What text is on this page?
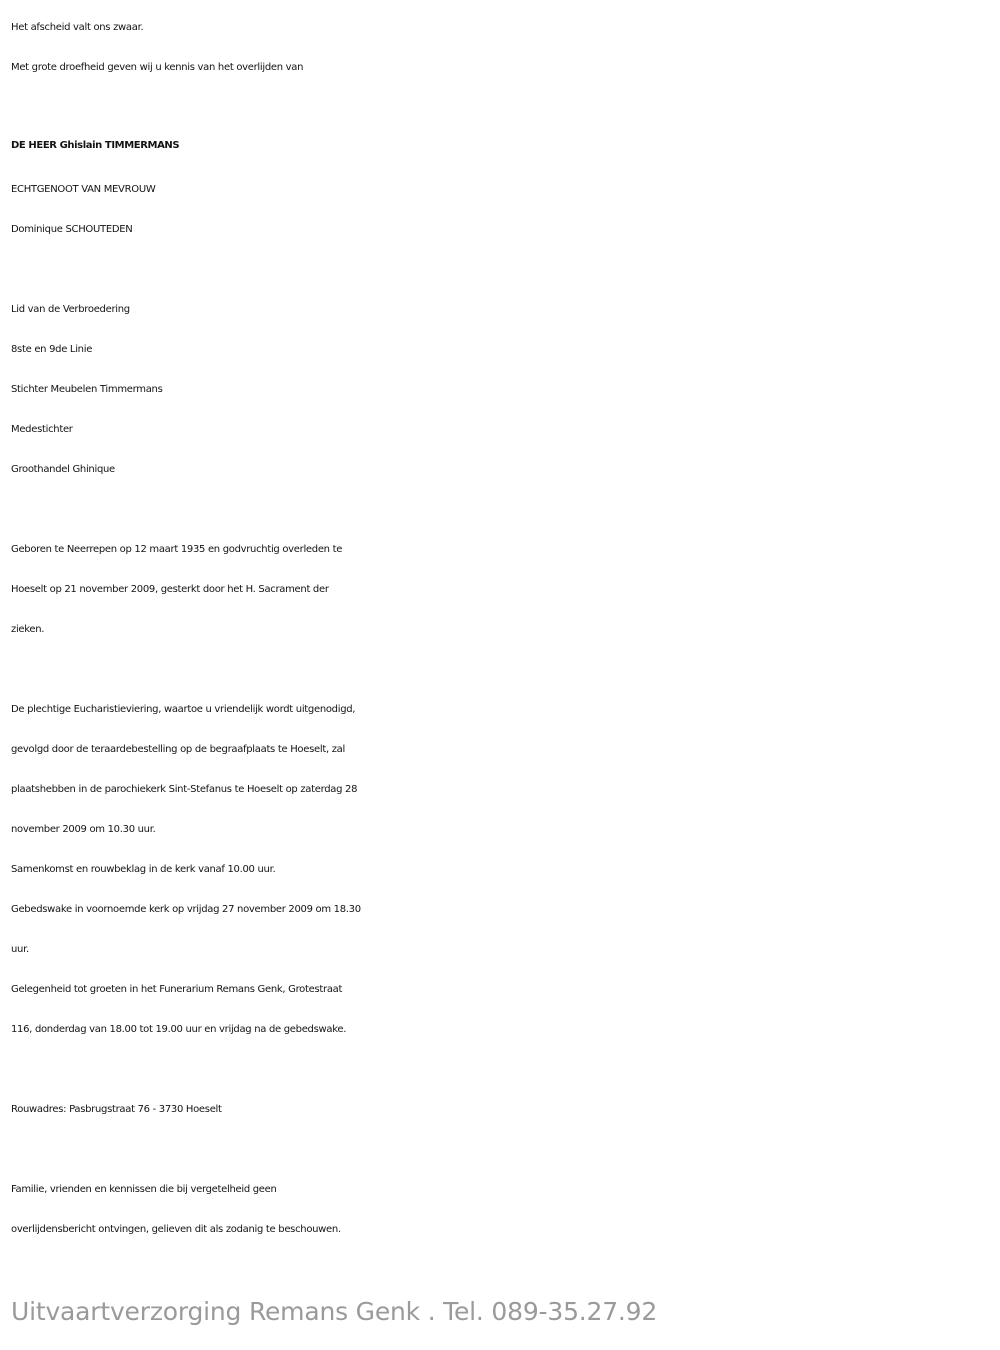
Het afscheid valt ons zwaar.
Met grote droefheid geven wij u kennis van het overlijden van
DE HEER Ghislain TIMMERMANS
ECHTGENOOT VAN MEVROUW
Dominique SCHOUTEDEN
Lid van de Verbroedering
8ste en 9de Linie
Stichter Meubelen Timmermans
Medestichter
Groothandel Ghinique
Geboren te Neerrepen op 12 maart 1935 en godvruchtig overleden te
Hoeselt op 21 november 2009, gesterkt door het H. Sacrament der
zieken.
De plechtige Eucharistieviering, waartoe u vriendelijk wordt uitgenodigd,
gevolgd door de teraardebestelling op de begraafplaats te Hoeselt, zal
plaatshebben in de parochiekerk Sint-Stefanus te Hoeselt op zaterdag 28
november 2009 om 10.30 uur.
Samenkomst en rouwbeklag in de kerk vanaf 10.00 uur.
Gebedswake in voornoemde kerk op vrijdag 27 november 2009 om 18.30
uur.
Gelegenheid tot groeten in het Funerarium Remans Genk, Grotestraat
116, donderdag van 18.00 tot 19.00 uur en vrijdag na de gebedswake.
Rouwadres: Pasbrugstraat 76 - 3730 Hoeselt
Familie, vrienden en kennissen die bij vergetelheid geen
overlijdensbericht ontvingen, gelieven dit als zodanig te beschouwen.
Uitvaartverzorging Remans Genk . Tel. 089-35.27.92
